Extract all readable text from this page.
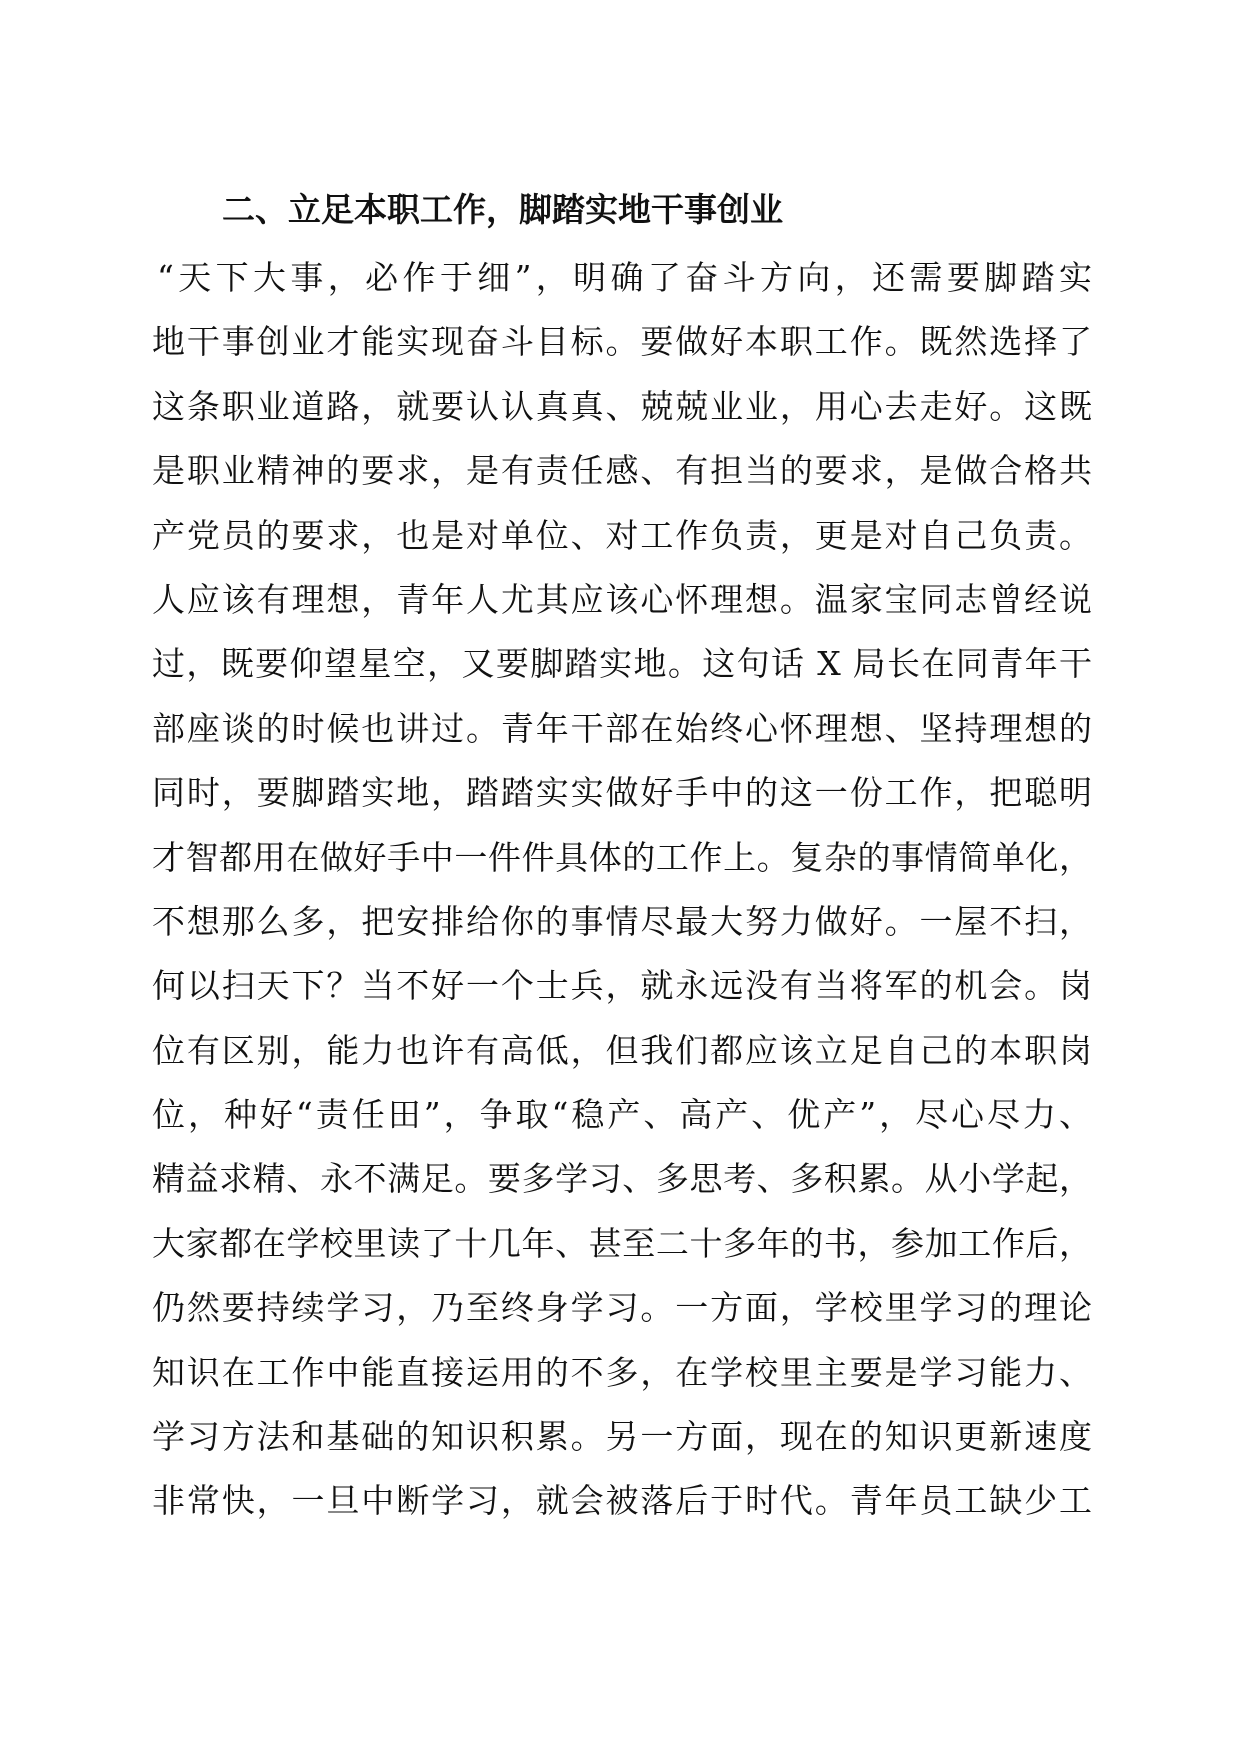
二、立足本职工作，脚踏实地干事创业
“天下大事，必作于细”，明确了奋斗方向，还需要脚踏实
地干事创业才能实现奋斗目标。要做好本职工作。既然选择了
这条职业道路，就要认认真真、兢兢业业，用心去走好。这既
是职业精神的要求，是有责任感、有担当的要求，是做合格共
产党员的要求，也是对单位、对工作负责，更是对自己负责。
人应该有理想，青年人尤其应该心怀理想。温家宝同志曾经说
过，既要仰望星空，又要脚踏实地。这句话 X 局长在同青年干
部座谈的时候也讲过。青年干部在始终心怀理想、坚持理想的
同时，要脚踏实地，踏踏实实做好手中的这一份工作，把聪明
才智都用在做好手中一件件具体的工作上。复杂的事情简单化，
不想那么多，把安排给你的事情尽最大努力做好。一屋不扫，
何以扫天下？当不好一个士兵，就永远没有当将军的机会。岗
位有区别，能力也许有高低，但我们都应该立足自己的本职岗
位，种好“责任田”，争取“稳产、高产、优产”，尽心尽力、
精益求精、永不满足。要多学习、多思考、多积累。从小学起，
大家都在学校里读了十几年、甚至二十多年的书，参加工作后，
仍然要持续学习，乃至终身学习。一方面，学校里学习的理论
知识在工作中能直接运用的不多，在学校里主要是学习能力、
学习方法和基础的知识积累。另一方面，现在的知识更新速度
非常快，一旦中断学习，就会被落后于时代。青年员工缺少工
